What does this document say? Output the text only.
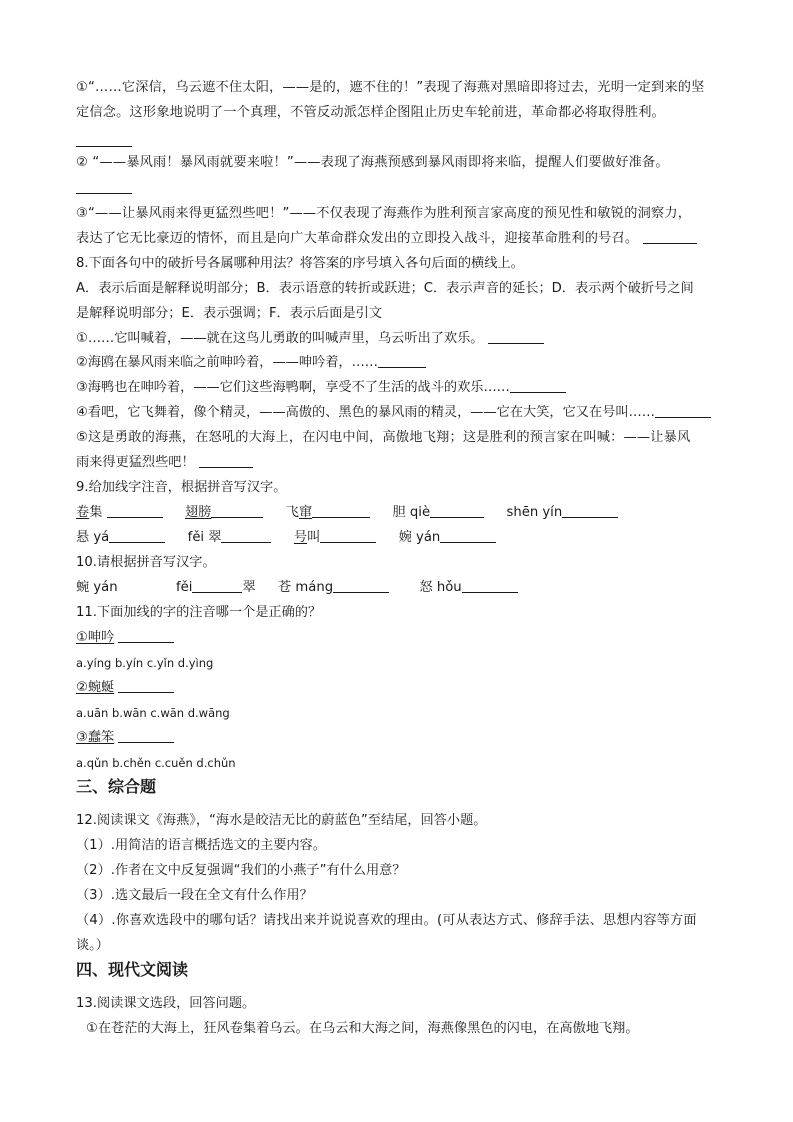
①“……它深信，乌云遮不住太阳，——是的，遮不住的！”表现了海燕对黑暗即将过去，光明一定到来的坚
定信念。这形象地说明了一个真理，不管反动派怎样企图阻止历史车轮前进，革命都必将取得胜利。
② “——暴风雨！暴风雨就要来啦！”——表现了海燕预感到暴风雨即将来临，提醒人们要做好准备。
③“——让暴风雨来得更猛烈些吧！”——不仅表现了海燕作为胜利预言家高度的预见性和敏锐的洞察力，
表达了它无比豪迈的情怀，而且是向广大革命群众发出的立即投入战斗，迎接革命胜利的号召。
8.下面各句中的破折号各属哪种用法？将答案的序号填入各句后面的横线上。
A．表示后面是解释说明部分；B．表示语意的转折或跃进；C．表示声音的延长；D．表示两个破折号之间
是解释说明部分；E．表示强调；F．表示后面是引文
①……它叫喊着，——就在这鸟儿勇敢的叫喊声里，乌云听出了欢乐。
②海鸥在暴风雨来临之前呻吟着，——呻吟着，……
③海鸭也在呻吟着，——它们这些海鸭啊，享受不了生活的战斗的欢乐……
④看吧，它飞舞着，像个精灵，——高傲的、黑色的暴风雨的精灵，——它在大笑，它又在号叫……
⑤这是勇敢的海燕，在怒吼的大海上，在闪电中间，高傲地飞翔；这是胜利的预言家在叫喊：——让暴风
雨来得更猛烈些吧！
9.给加线字注音，根据拼音写汉字。
卷集	翅膀	飞窜	胆 qiè	shēn yín
悬 yá	fěi 翠	号叫	婉 yán
10.请根据拼音写汉字。
蜿 yán	fěi	翠 苍 máng	怒 hǒu
11.下面加线的字的注音哪一个是正确的？
①呻吟
a.yíng b.yín c.yǐn d.yìng
②蜿蜒
a.uān b.wān c.wān d.wāng
③蠢笨
a.qǔn b.chěn c.cuěn d.chǔn
三、综合题
12.阅读课文《海燕》，“海水是皎洁无比的蔚蓝色”至结尾，回答小题。
（1）.用简洁的语言概括选文的主要内容。
（2）.作者在文中反复强调“我们的小燕子”有什么用意？
（3）.选文最后一段在全文有什么作用？
（4）.你喜欢选段中的哪句话？请找出来并说说喜欢的理由。(可从表达方式、修辞手法、思想内容等方面
谈。）
四、现代文阅读
13.阅读课文选段，回答问题。
①在苍茫的大海上，狂风卷集着乌云。在乌云和大海之间，海燕像黑色的闪电，在高傲地飞翔。
